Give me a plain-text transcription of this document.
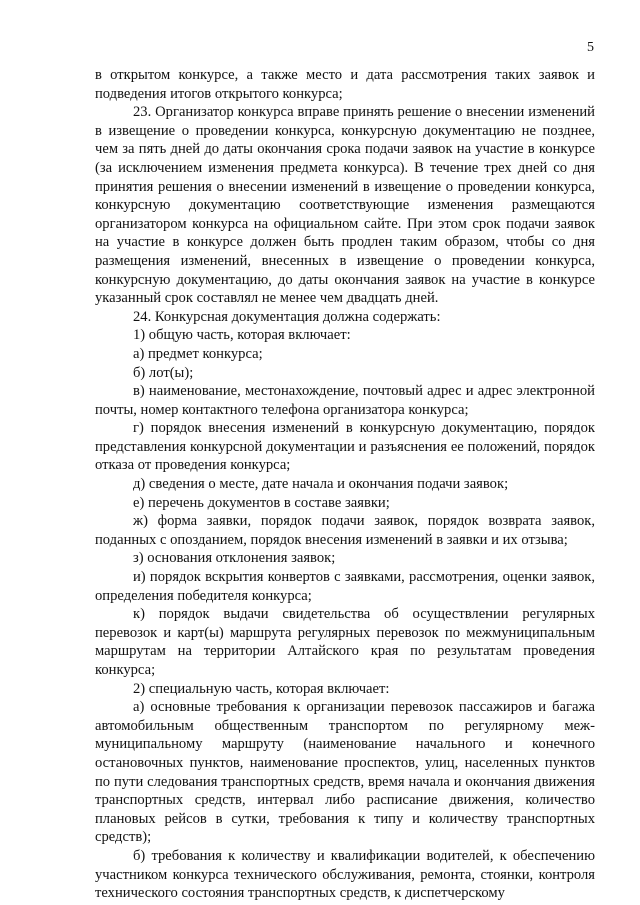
5

в открытом конкурсе, а также место и дата рассмотрения таких заявок и подведения итогов открытого конкурса;

23. Организатор конкурса вправе принять решение о внесении изменений в извещение о проведении конкурса, конкурсную документацию не позднее, чем за пять дней до даты окончания срока подачи заявок на участие в конкурсе (за исключением изменения предмета конкурса). В течение трех дней со дня принятия решения о внесении изменений в извещение о проведении конкурса, конкурсную документацию соответствующие изменения размещаются организатором конкурса на официальном сайте. При этом срок подачи заявок на участие в конкурсе должен быть продлен таким образом, чтобы со дня размещения изменений, внесенных в извещение о проведении конкурса, конкурсную документацию, до даты окончания заявок на участие в конкурсе указанный срок составлял не менее чем двадцать дней.

24. Конкурсная документация должна содержать:

1) общую часть, которая включает:

а) предмет конкурса;

б) лот(ы);

в) наименование, местонахождение, почтовый адрес и адрес электронной почты, номер контактного телефона организатора конкурса;

г) порядок внесения изменений в конкурсную документацию, порядок представления конкурсной документации и разъяснения ее положений, порядок отказа от проведения конкурса;

д) сведения о месте, дате начала и окончания подачи заявок;

е) перечень документов в составе заявки;

ж) форма заявки, порядок подачи заявок, порядок возврата заявок, поданных с опозданием, порядок внесения изменений в заявки и их отзыва;

з) основания отклонения заявок;

и) порядок вскрытия конвертов с заявками, рассмотрения, оценки заявок, определения победителя конкурса;

к) порядок выдачи свидетельства об осуществлении регулярных перевозок и карт(ы) маршрута регулярных перевозок по межмуниципальным маршрутам на территории Алтайского края по результатам проведения конкурса;

2) специальную часть, которая включает:

а) основные требования к организации перевозок пассажиров и багажа автомобильным общественным транспортом по регулярному меж-муниципальному маршруту (наименование начального и конечного остановочных пунктов, наименование проспектов, улиц, населенных пунктов по пути следования транспортных средств, время начала и окончания движения транспортных средств, интервал либо расписание движения, количество плановых рейсов в сутки, требования к типу и количеству транспортных средств);

б) требования к количеству и квалификации водителей, к обеспечению участником конкурса технического обслуживания, ремонта, стоянки, контроля технического состояния транспортных средств, к диспетчерскому
